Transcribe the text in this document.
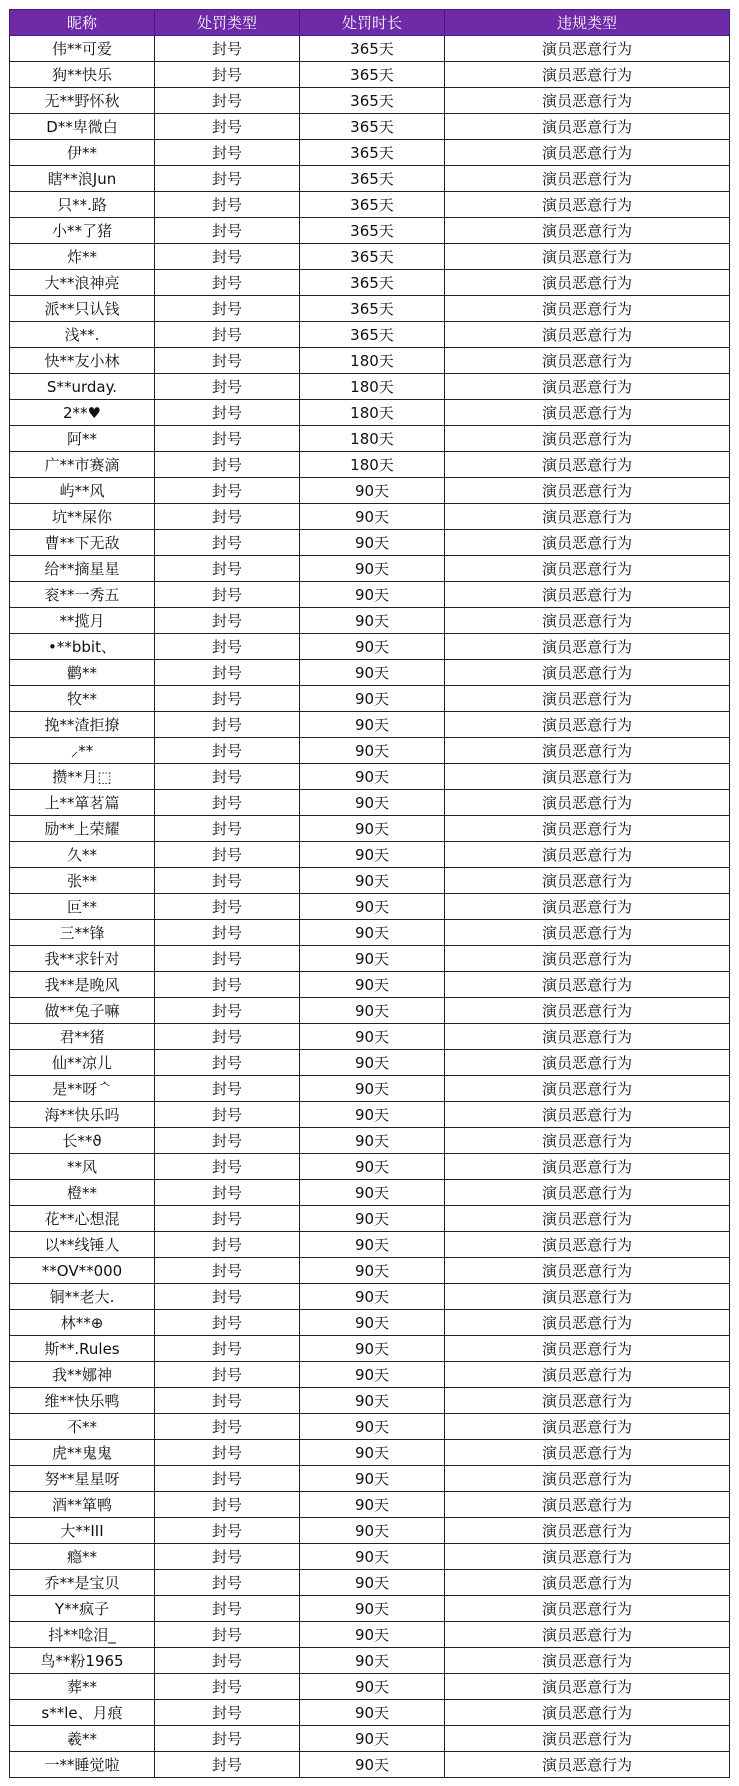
昵称	处罚类型	处罚时长	违规类型
伟**可爱	封号	365天	演员恶意行为
狗**快乐	封号	365天	演员恶意行为
无**野怀秋	封号	365天	演员恶意行为
D**卑微白	封号	365天	演员恶意行为
伊**	封号	365天	演员恶意行为
瞎**浪Jun	封号	365天	演员恶意行为
只**.路	封号	365天	演员恶意行为
小**了猪	封号	365天	演员恶意行为
炸**	封号	365天	演员恶意行为
大**浪神亮	封号	365天	演员恶意行为
派**只认钱	封号	365天	演员恶意行为
浅**.	封号	365天	演员恶意行为
快**友小林	封号	180天	演员恶意行为
S**urday.	封号	180天	演员恶意行为
2**♥	封号	180天	演员恶意行为
阿**	封号	180天	演员恶意行为
广**市赛滴	封号	180天	演员恶意行为
屿**风	封号	90天	演员恶意行为
坑**屎你	封号	90天	演员恶意行为
曹**下无敌	封号	90天	演员恶意行为
给**摘星星	封号	90天	演员恶意行为
衮**一秀五	封号	90天	演员恶意行为
**揽月	封号	90天	演员恶意行为
•**bbit、	封号	90天	演员恶意行为
鹳**	封号	90天	演员恶意行为
牧**	封号	90天	演员恶意行为
挽**渣拒撩	封号	90天	演员恶意行为
⸝**	封号	90天	演员恶意行为
攒**月⬚	封号	90天	演员恶意行为
上**箪茗篇	封号	90天	演员恶意行为
励**上荣耀	封号	90天	演员恶意行为
久**	封号	90天	演员恶意行为
张**	封号	90天	演员恶意行为
叵**	封号	90天	演员恶意行为
三**锋	封号	90天	演员恶意行为
我**求针对	封号	90天	演员恶意行为
我**是晚风	封号	90天	演员恶意行为
做**兔子嘛	封号	90天	演员恶意行为
君**猪	封号	90天	演员恶意行为
仙**凉儿	封号	90天	演员恶意行为
是**呀ᄾ	封号	90天	演员恶意行为
海**快乐吗	封号	90天	演员恶意行为
长**ϑ	封号	90天	演员恶意行为
**风	封号	90天	演员恶意行为
橙**	封号	90天	演员恶意行为
花**心想混	封号	90天	演员恶意行为
以**线锤人	封号	90天	演员恶意行为
**OV**000	封号	90天	演员恶意行为
铜**老大.	封号	90天	演员恶意行为
林**⊕	封号	90天	演员恶意行为
斯**.Rules	封号	90天	演员恶意行为
我**娜神	封号	90天	演员恶意行为
维**快乐鸭	封号	90天	演员恶意行为
不**	封号	90天	演员恶意行为
虎**鬼鬼	封号	90天	演员恶意行为
努**星星呀	封号	90天	演员恶意行为
酒**箪鸭	封号	90天	演员恶意行为
大**III	封号	90天	演员恶意行为
瘾**	封号	90天	演员恶意行为
乔**是宝贝	封号	90天	演员恶意行为
Y**疯子	封号	90天	演员恶意行为
抖**唸泪_	封号	90天	演员恶意行为
鸟**粉1965	封号	90天	演员恶意行为
葬**	封号	90天	演员恶意行为
s**le、月痕	封号	90天	演员恶意行为
羲**	封号	90天	演员恶意行为
一**睡觉啦	封号	90天	演员恶意行为
